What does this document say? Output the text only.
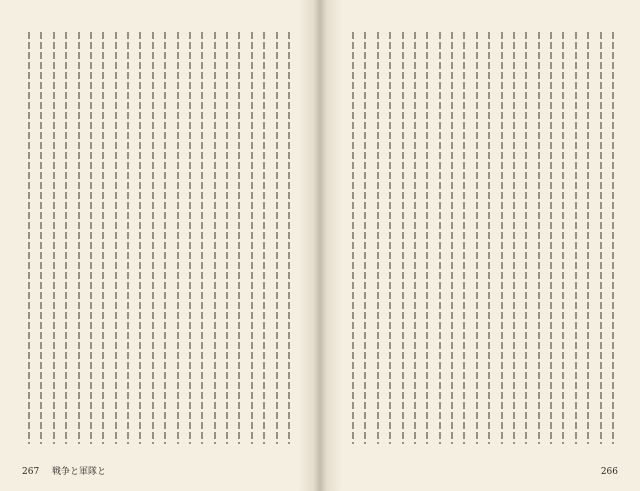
267 戦争と軍隊と	266
